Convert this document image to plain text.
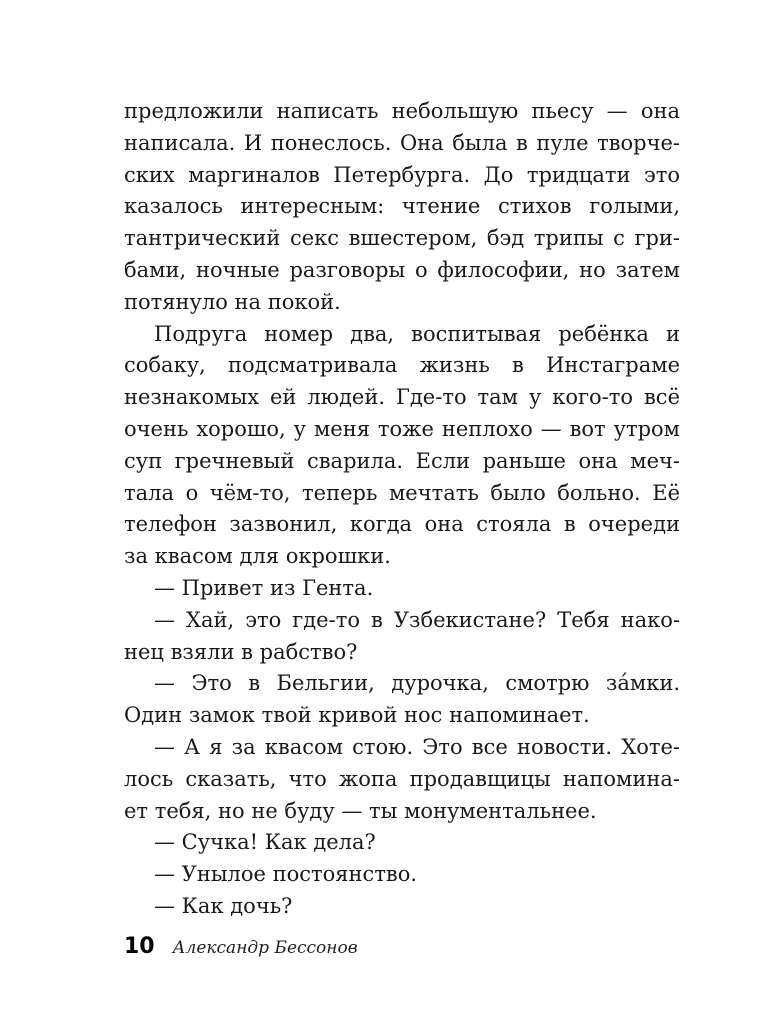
предложили написать небольшую пьесу — она
написала. И понеслось. Она была в пуле творче-
ских маргиналов Петербурга. До тридцати это
казалось интересным: чтение стихов голыми,
тантрический секс вшестером, бэд трипы с гри-
бами, ночные разговоры о философии, но затем
потянуло на покой.
Подруга номер два, воспитывая ребёнка и
собаку, подсматривала жизнь в Инстаграме
незнакомых ей людей. Где-то там у кого-то всё
очень хорошо, у меня тоже неплохо — вот утром
суп гречневый сварила. Если раньше она меч-
тала о чём-то, теперь мечтать было больно. Её
телефон зазвонил, когда она стояла в очереди
за квасом для окрошки.
— Привет из Гента.
— Хай, это где-то в Узбекистане? Тебя нако-
нец взяли в рабство?
— Это в Бельгии, дурочка, смотрю за́мки.
Один замок твой кривой нос напоминает.
— А я за квасом стою. Это все новости. Хоте-
лось сказать, что жопа продавщицы напомина-
ет тебя, но не буду — ты монументальнее.
— Сучка! Как дела?
— Унылое постоянство.
— Как дочь?
10 Александр Бессонов
